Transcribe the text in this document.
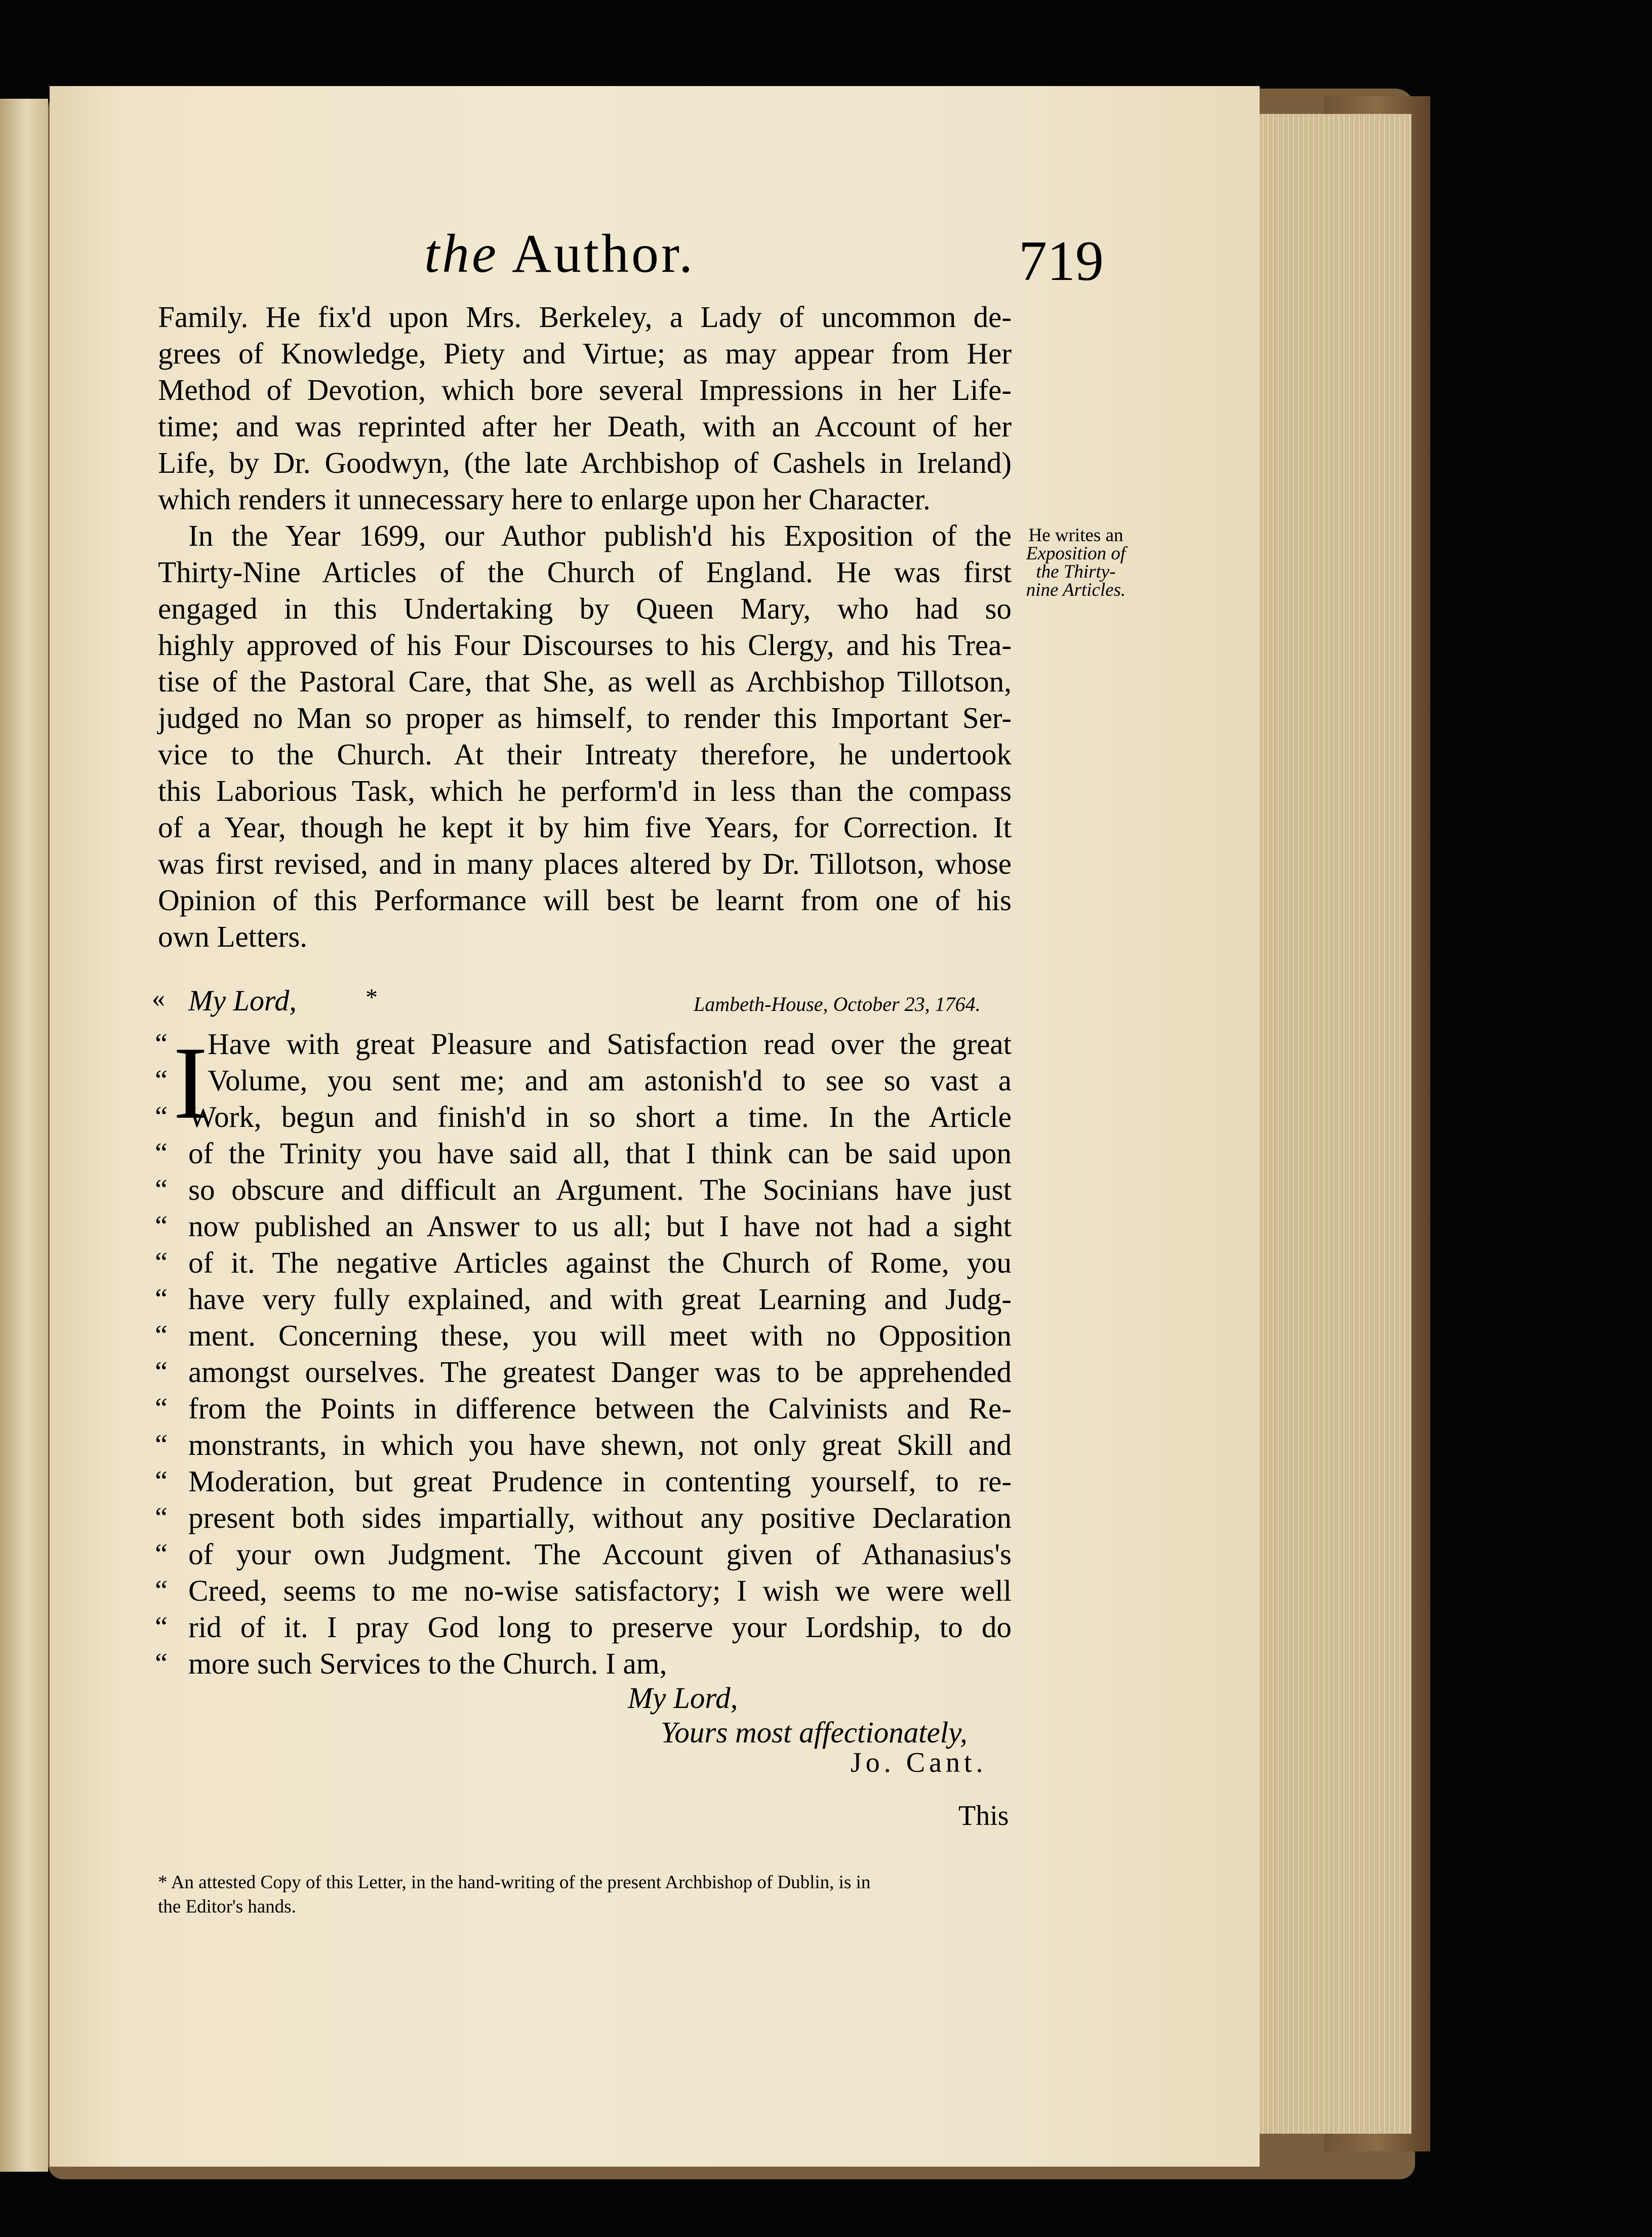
the Author.	719
Family. He fix'd upon Mrs. Berkeley, a Lady of uncommon de-
grees of Knowledge, Piety and Virtue; as may appear from Her
Method of Devotion, which bore several Impressions in her Life-
time; and was reprinted after her Death, with an Account of her
Life, by Dr. Goodwyn, (the late Archbishop of Cashels in Ireland)
which renders it unnecessary here to enlarge upon her Character.
In the Year 1699, our Author publish'd his Exposition of the
Thirty-Nine Articles of the Church of England. He was first
engaged in this Undertaking by Queen Mary, who had so
highly approved of his Four Discourses to his Clergy, and his Trea-
tise of the Pastoral Care, that She, as well as Archbishop Tillotson,
judged no Man so proper as himself, to render this Important Ser-
vice to the Church. At their Intreaty therefore, he undertook
this Laborious Task, which he perform'd in less than the compass
of a Year, though he kept it by him five Years, for Correction. It
was first revised, and in many places altered by Dr. Tillotson, whose
Opinion of this Performance will best be learnt from one of his
own Letters.
He writes an
Exposition of
the Thirty-
nine Articles.
« My Lord,	*	Lambeth-House, October 23, 1764.
I
“ Have with great Pleasure and Satisfaction read over the great
“ Volume, you sent me; and am astonish'd to see so vast a
“ Work, begun and finish'd in so short a time. In the Article
“ of the Trinity you have said all, that I think can be said upon
“ so obscure and difficult an Argument. The Socinians have just
“ now published an Answer to us all; but I have not had a sight
“ of it. The negative Articles against the Church of Rome, you
“ have very fully explained, and with great Learning and Judg-
“ ment. Concerning these, you will meet with no Opposition
“ amongst ourselves. The greatest Danger was to be apprehended
“ from the Points in difference between the Calvinists and Re-
“ monstrants, in which you have shewn, not only great Skill and
“ Moderation, but great Prudence in contenting yourself, to re-
“ present both sides impartially, without any positive Declaration
“ of your own Judgment. The Account given of Athanasius's
“ Creed, seems to me no-wise satisfactory; I wish we were well
“ rid of it. I pray God long to preserve your Lordship, to do
“ more such Services to the Church. I am,
My Lord,
Yours most affectionately,
Jo. Cant.
This
* An attested Copy of this Letter, in the hand-writing of the present Archbishop of Dublin, is in
the Editor's hands.
